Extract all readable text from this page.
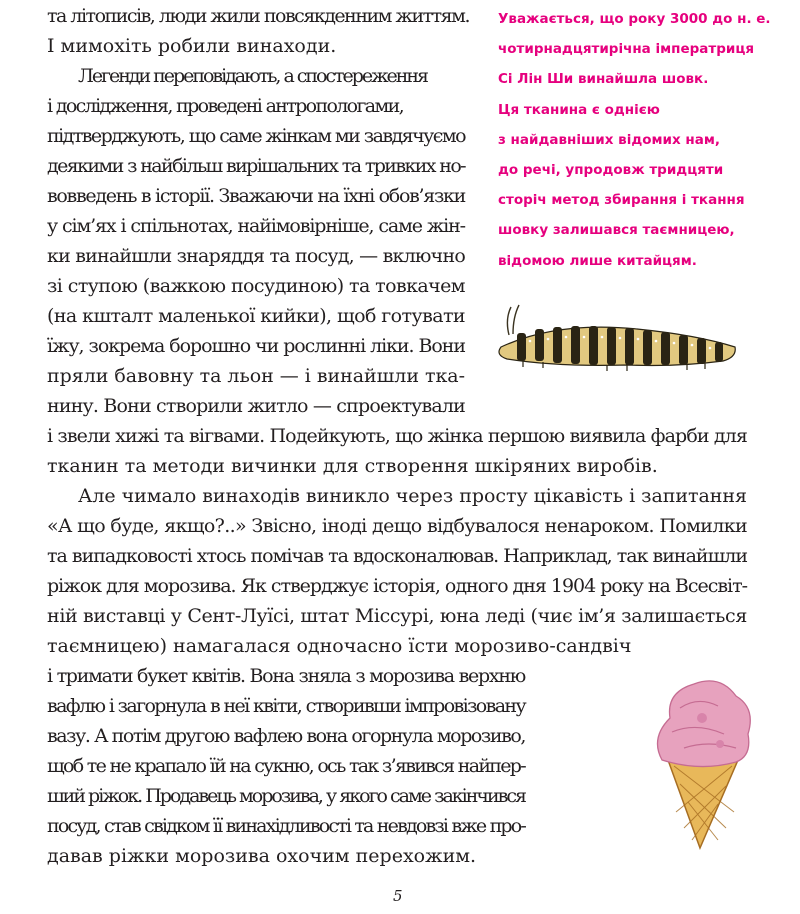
та літописів, люди жили повсякденним життям.
І мимохіть робили винаходи.
Легенди переповідають, а спостереження
і дослідження, проведені антропологами,
підтверджують, що саме жінкам ми завдячуємо
деякими з найбільш вирішальних та тривких но-
вовведень в історії. Зважаючи на їхні обов’язки
у сім’ях і спільнотах, найімовірніше, саме жін-
ки винайшли знаряддя та посуд, — включно
зі ступою (важкою посудиною) та товкачем
(на кшталт маленької кийки), щоб готувати
їжу, зокрема борошно чи рослинні ліки. Вони
пряли бавовну та льон — і винайшли тка-
нину. Вони створили житло — спроектували
і звели хижі та вігвами. Подейкують, що жінка першою виявила фарби для
тканин та методи вичинки для створення шкіряних виробів.
Але чимало винаходів виникло через просту цікавість і запитання
«А що буде, якщо?..» Звісно, іноді дещо відбувалося ненароком. Помилки
та випадковості хтось помічав та вдосконалював. Наприклад, так винайшли
ріжок для морозива. Як стверджує історія, одного дня 1904 року на Всесвіт-
ній виставці у Сент-Луїсі, штат Міссурі, юна леді (чиє ім’я залишається
таємницею) намагалася одночасно їсти морозиво-сандвіч
і тримати букет квітів. Вона зняла з морозива верхню
вафлю і загорнула в неї квіти, створивши імпровізовану
вазу. А потім другою вафлею вона огорнула морозиво,
щоб те не крапало їй на сукню, ось так з’явився найпер-
ший ріжок. Продавець морозива, у якого саме закінчився
посуд, став свідком її винахідливості та невдовзі вже про-
давав ріжки морозива охочим перехожим.
Уважається, що року 3000 до н. е.
чотирнадцятирічна імператриця
Сі Лін Ши винайшла шовк.
Ця тканина є однією
з найдавніших відомих нам,
до речі, упродовж тридцяти
сторіч метод збирання і ткання
шовку залишався таємницею,
відомою лише китайцям.
5
